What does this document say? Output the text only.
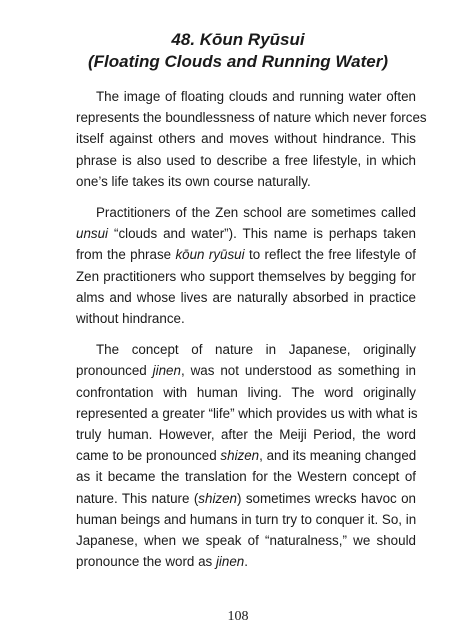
48. Kōun Ryūsui
(Floating Clouds and Running Water)

The image of floating clouds and running water often
represents the boundlessness of nature which never forces
itself against others and moves without hindrance. This
phrase is also used to describe a free lifestyle, in which
one’s life takes its own course naturally.

Practitioners of the Zen school are sometimes called
unsui “clouds and water”). This name is perhaps taken
from the phrase kōun ryūsui to reflect the free lifestyle of
Zen practitioners who support themselves by begging for
alms and whose lives are naturally absorbed in practice
without hindrance.

The concept of nature in Japanese, originally
pronounced jinen, was not understood as something in
confrontation with human living. The word originally
represented a greater “life” which provides us with what is
truly human. However, after the Meiji Period, the word
came to be pronounced shizen, and its meaning changed
as it became the translation for the Western concept of
nature. This nature (shizen) sometimes wrecks havoc on
human beings and humans in turn try to conquer it. So, in
Japanese, when we speak of “naturalness,” we should
pronounce the word as jinen.

108
